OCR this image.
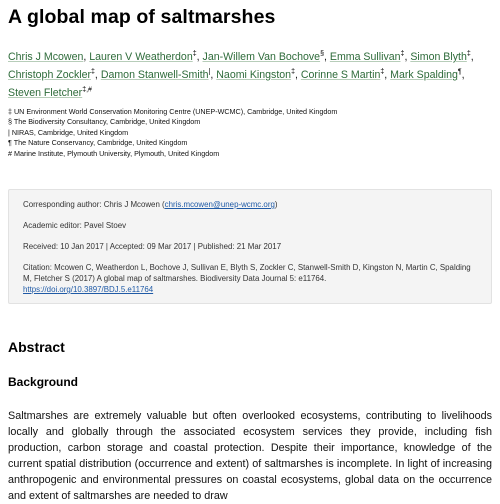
A global map of saltmarshes
Chris J Mcowen, Lauren V Weatherdon‡, Jan-Willem Van Bochove§, Emma Sullivan‡, Simon Blyth‡, Christoph Zockler‡, Damon Stanwell-Smith|, Naomi Kingston‡, Corinne S Martin‡, Mark Spalding¶, Steven Fletcher‡,#
‡ UN Environment World Conservation Monitoring Centre (UNEP-WCMC), Cambridge, United Kingdom
§ The Biodiversity Consultancy, Cambridge, United Kingdom
| NIRAS, Cambridge, United Kingdom
¶ The Nature Conservancy, Cambridge, United Kingdom
# Marine Institute, Plymouth University, Plymouth, United Kingdom

Corresponding author: Chris J Mcowen (chris.mcowen@unep-wcmc.org)

Academic editor: Pavel Stoev

Received: 10 Jan 2017 | Accepted: 09 Mar 2017 | Published: 21 Mar 2017

Citation: Mcowen C, Weatherdon L, Bochove J, Sullivan E, Blyth S, Zockler C, Stanwell-Smith D, Kingston N, Martin C, Spalding M, Fletcher S (2017) A global map of saltmarshes. Biodiversity Data Journal 5: e11764.
https://doi.org/10.3897/BDJ.5.e11764

Abstract
Background
Saltmarshes are extremely valuable but often overlooked ecosystems, contributing to livelihoods locally and globally through the associated ecosystem services they provide, including fish production, carbon storage and coastal protection. Despite their importance, knowledge of the current spatial distribution (occurrence and extent) of saltmarshes is incomplete. In light of increasing anthropogenic and environmental pressures on coastal ecosystems, global data on the occurrence and extent of saltmarshes are needed to draw
